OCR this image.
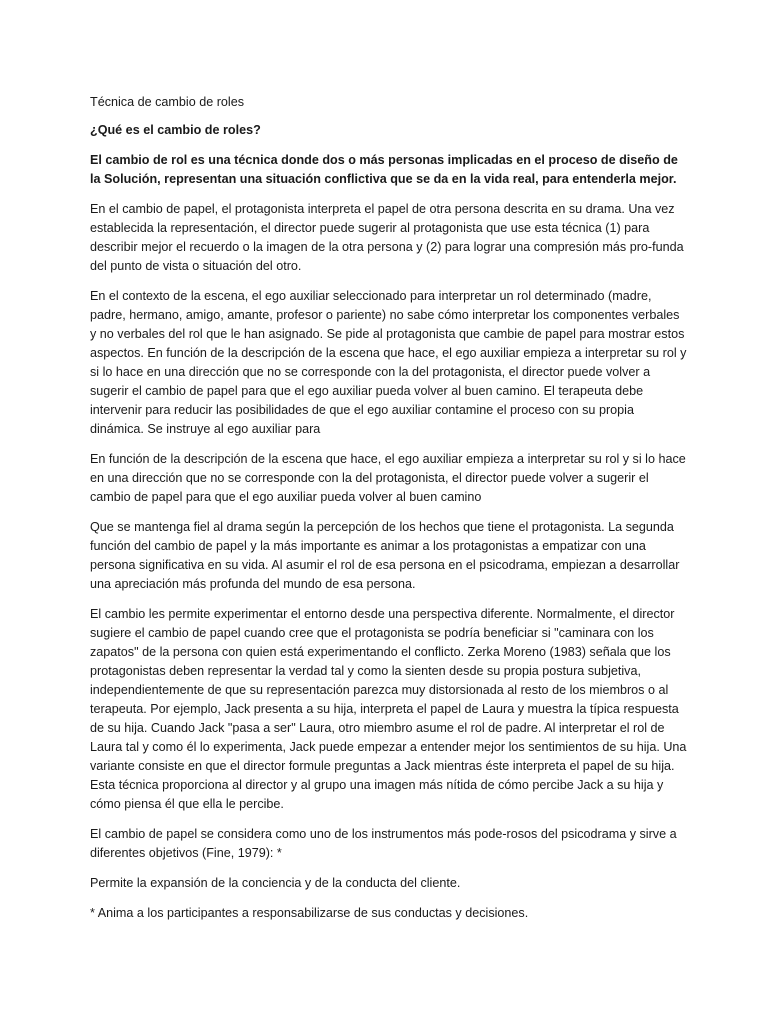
Técnica de cambio de roles

¿Qué es el cambio de roles?

El cambio de rol es una técnica donde dos o más personas implicadas en el proceso de diseño de la Solución, representan una situación conflictiva que se da en la vida real, para entenderla mejor.

En el cambio de papel, el protagonista interpreta el papel de otra persona descrita en su drama. Una vez establecida la representación, el director puede sugerir al protagonista que use esta técnica (1) para describir mejor el recuerdo o la imagen de la otra persona y (2) para lograr una compresión más pro-funda del punto de vista o situación del otro.

En el contexto de la escena, el ego auxiliar seleccionado para interpretar un rol determinado (madre, padre, hermano, amigo, amante, profesor o pariente) no sabe cómo interpretar los componentes verbales y no verbales del rol que le han asignado. Se pide al protagonista que cambie de papel para mostrar estos aspectos. En función de la descripción de la escena que hace, el ego auxiliar empieza a interpretar su rol y si lo hace en una dirección que no se corresponde con la del protagonista, el director puede volver a sugerir el cambio de papel para que el ego auxiliar pueda volver al buen camino. El terapeuta debe intervenir para reducir las posibilidades de que el ego auxiliar contamine el proceso con su propia dinámica. Se instruye al ego auxiliar para

En función de la descripción de la escena que hace, el ego auxiliar empieza a interpretar su rol y si lo hace en una dirección que no se corresponde con la del protagonista, el director puede volver a sugerir el cambio de papel para que el ego auxiliar pueda volver al buen camino

Que se mantenga fiel al drama según la percepción de los hechos que tiene el protagonista. La segunda función del cambio de papel y la más importante es animar a los protagonistas a empatizar con una persona significativa en su vida. Al asumir el rol de esa persona en el psicodrama, empiezan a desarrollar una apreciación más profunda del mundo de esa persona.

El cambio les permite experimentar el entorno desde una perspectiva diferente. Normalmente, el director sugiere el cambio de papel cuando cree que el protagonista se podría beneficiar si "caminara con los zapatos" de la persona con quien está experimentando el conflicto. Zerka Moreno (1983) señala que los protagonistas deben representar la verdad tal y como la sienten desde su propia postura subjetiva, independientemente de que su representación parezca muy distorsionada al resto de los miembros o al terapeuta. Por ejemplo, Jack presenta a su hija, interpreta el papel de Laura y muestra la típica respuesta de su hija. Cuando Jack "pasa a ser" Laura, otro miembro asume el rol de padre. Al interpretar el rol de Laura tal y como él lo experimenta, Jack puede empezar a entender mejor los sentimientos de su hija. Una variante consiste en que el director formule preguntas a Jack mientras éste interpreta el papel de su hija. Esta técnica proporciona al director y al grupo una imagen más nítida de cómo percibe Jack a su hija y cómo piensa él que ella le percibe.

El cambio de papel se considera como uno de los instrumentos más pode-rosos del psicodrama y sirve a diferentes objetivos (Fine, 1979): *

Permite la expansión de la conciencia y de la conducta del cliente.

* Anima a los participantes a responsabilizarse de sus conductas y decisiones.
